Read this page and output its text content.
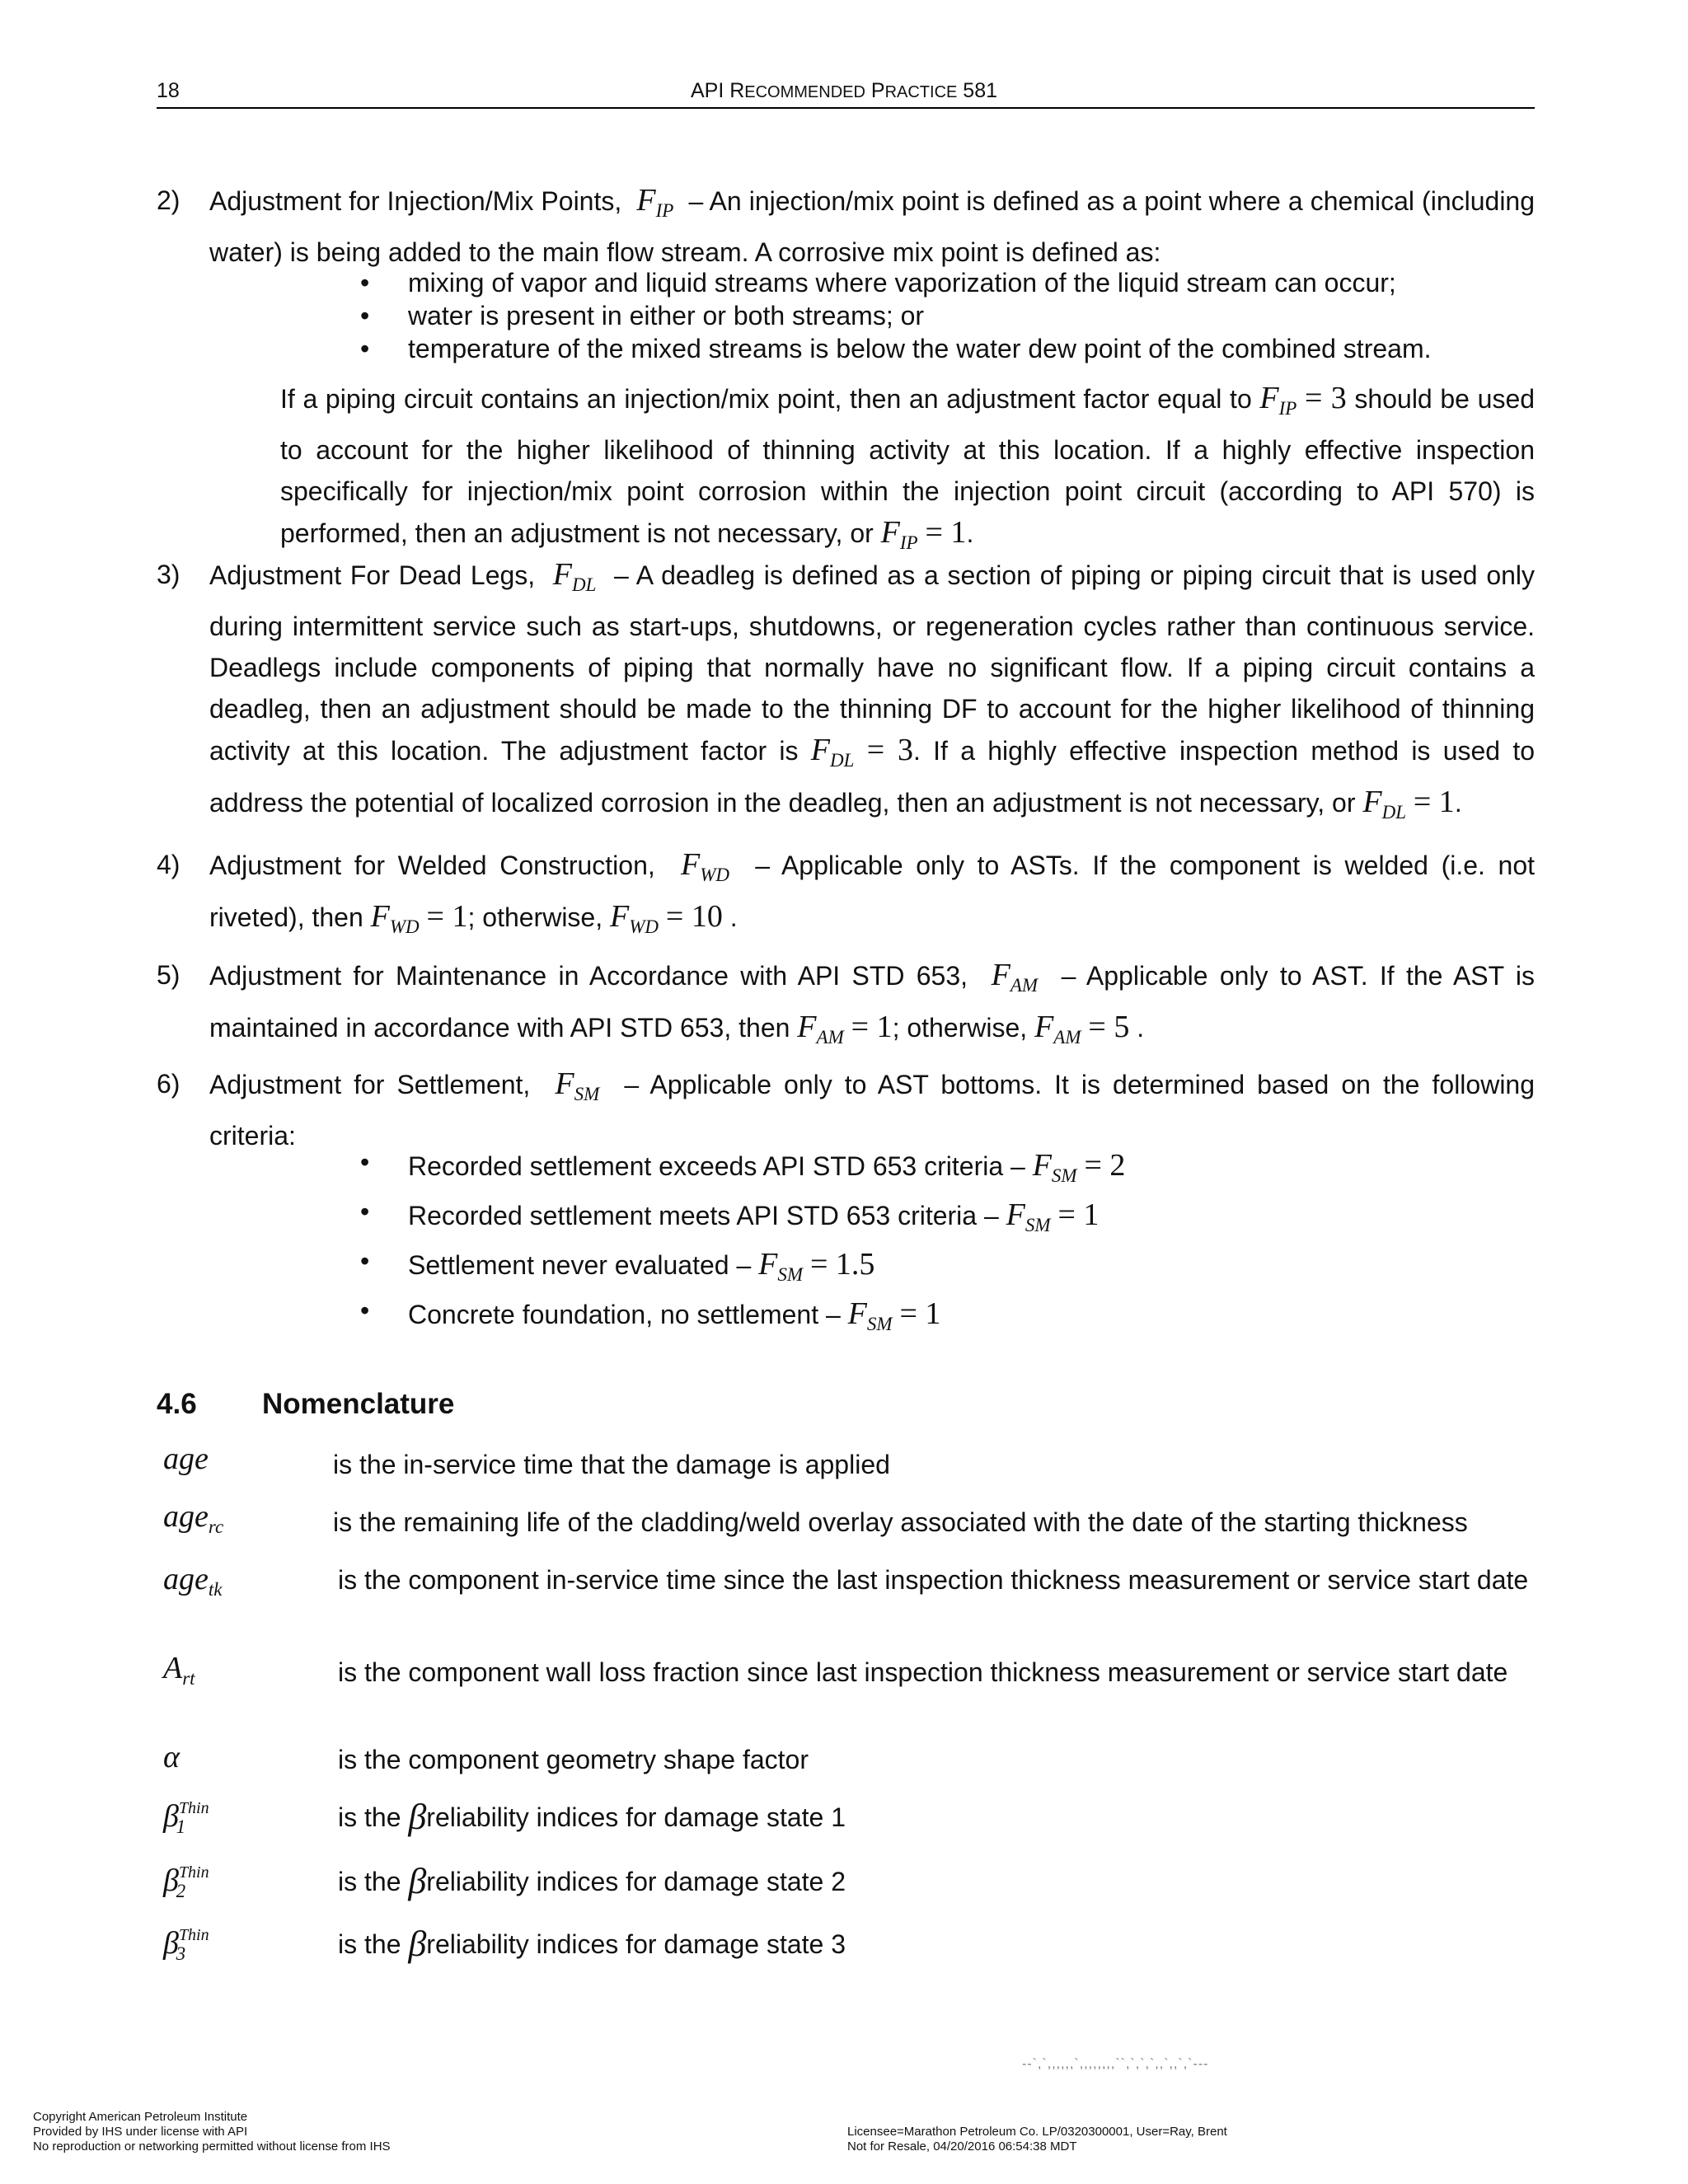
18	API RECOMMENDED PRACTICE 581
2) Adjustment for Injection/Mix Points, $F_{IP}$ – An injection/mix point is defined as a point where a chemical (including water) is being added to the main flow stream. A corrosive mix point is defined as:

• mixing of vapor and liquid streams where vaporization of the liquid stream can occur;
• water is present in either or both streams; or
• temperature of the mixed streams is below the water dew point of the combined stream.

If a piping circuit contains an injection/mix point, then an adjustment factor equal to $F_{IP} = 3$ should be used to account for the higher likelihood of thinning activity at this location. If a highly effective inspection specifically for injection/mix point corrosion within the injection point circuit (according to API 570) is performed, then an adjustment is not necessary, or $F_{IP} = 1$.

3) Adjustment For Dead Legs, $F_{DL}$ – A deadleg is defined as a section of piping or piping circuit that is used only during intermittent service such as start-ups, shutdowns, or regeneration cycles rather than continuous service. Deadlegs include components of piping that normally have no significant flow. If a piping circuit contains a deadleg, then an adjustment should be made to the thinning DF to account for the higher likelihood of thinning activity at this location. The adjustment factor is $F_{DL} = 3$. If a highly effective inspection method is used to address the potential of localized corrosion in the deadleg, then an adjustment is not necessary, or $F_{DL} = 1$.

4) Adjustment for Welded Construction, $F_{WD}$ – Applicable only to ASTs. If the component is welded (i.e. not riveted), then $F_{WD} = 1$; otherwise, $F_{WD} = 10$ .

5) Adjustment for Maintenance in Accordance with API STD 653, $F_{AM}$ – Applicable only to AST. If the AST is maintained in accordance with API STD 653, then $F_{AM} = 1$; otherwise, $F_{AM} = 5$ .

6) Adjustment for Settlement, $F_{SM}$ – Applicable only to AST bottoms. It is determined based on the following criteria:

• Recorded settlement exceeds API STD 653 criteria – $F_{SM} = 2$
• Recorded settlement meets API STD 653 criteria – $F_{SM} = 1$
• Settlement never evaluated – $F_{SM} = 1.5$
• Concrete foundation, no settlement – $F_{SM} = 1$
4.6 Nomenclature
age	is the in-service time that the damage is applied
age$_{rc}$	is the remaining life of the cladding/weld overlay associated with the date of the starting thickness
age$_{tk}$	is the component in-service time since the last inspection thickness measurement or service start date
$A_{rt}$	is the component wall loss fraction since last inspection thickness measurement or service start date
α	is the component geometry shape factor
$\beta^{Thin}_1$	is the βreliability indices for damage state 1
$\beta^{Thin}_2$	is the βreliability indices for damage state 2
$\beta^{Thin}_3$	is the βreliability indices for damage state 3
--`,`,,,,,,`,,,,,,,,``,`,`,`,,`,,`,`---
Copyright American Petroleum Institute
Provided by IHS under license with API
No reproduction or networking permitted without license from IHS
Licensee=Marathon Petroleum Co. LP/0320300001, User=Ray, Brent
Not for Resale, 04/20/2016 06:54:38 MDT
